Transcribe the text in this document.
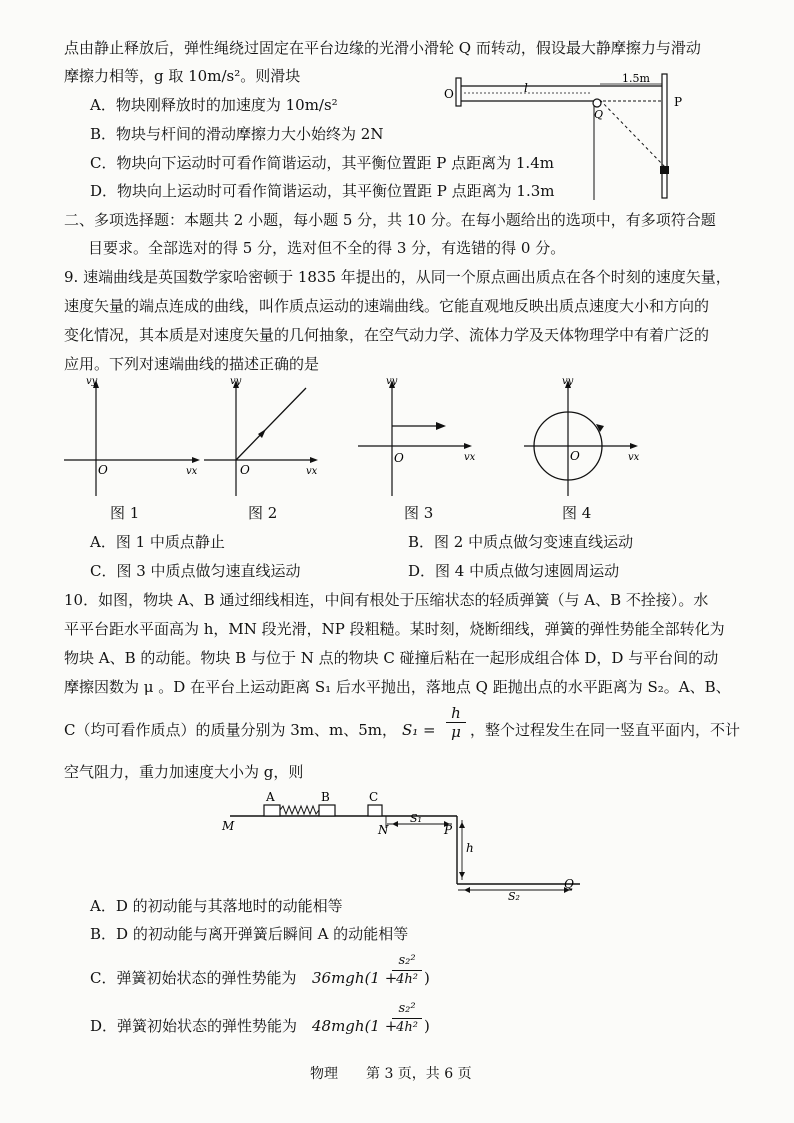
点由静止释放后，弹性绳绕过固定在平台边缘的光滑小滑轮 Q 而转动，假设最大静摩擦力与滑动
摩擦力相等，g 取 10m/s²。则滑块
A．物块刚释放时的加速度为 10m/s²
B．物块与杆间的滑动摩擦力大小始终为 2N
C．物块向下运动时可看作简谐运动，其平衡位置距 P 点距离为 1.4m
D．物块向上运动时可看作简谐运动，其平衡位置距 P 点距离为 1.3m
O	l
1.5m
P
Q
二、多项选择题：本题共 2 小题，每小题 5 分，共 10 分。在每小题给出的选项中，有多项符合题
目要求。全部选对的得 5 分，选对但不全的得 3 分，有选错的得 0 分。
9. 速端曲线是英国数学家哈密顿于 1835 年提出的，从同一个原点画出质点在各个时刻的速度矢量，
速度矢量的端点连成的曲线，叫作质点运动的速端曲线。它能直观地反映出质点速度大小和方向的
变化情况，其本质是对速度矢量的几何抽象，在空气动力学、流体力学及天体物理学中有着广泛的
应用。下列对速端曲线的描述正确的是
vy
vx
O
vy
vx
O
vy
vx
O
vy
vx
O
图 1	图 2	图 3	图 4
A．图 1 中质点静止	B．图 2 中质点做匀变速直线运动
C．图 3 中质点做匀速直线运动	D．图 4 中质点做匀速圆周运动
10．如图，物块 A、B 通过细线相连，中间有根处于压缩状态的轻质弹簧（与 A、B 不拴接）。水
平平台距水平面高为 h，MN 段光滑，NP 段粗糙。某时刻，烧断细线，弹簧的弹性势能全部转化为
物块 A、B 的动能。物块 B 与位于 N 点的物块 C 碰撞后粘在一起形成组合体 D，D 与平台间的动
摩擦因数为 μ 。D 在平台上运动距离 S₁ 后水平抛出，落地点 Q 距抛出点的水平距离为 S₂。A、B、
C（均可看作质点）的质量分别为 3m、m、5m， S₁ =
h
μ ，整个过程发生在同一竖直平面内，不计
空气阻力，重力加速度大小为 g，则
A	B	C
M	N
S₁
P
h
S₂
Q
A．D 的初动能与其落地时的动能相等
B．D 的初动能与离开弹簧后瞬间 A 的动能相等
C．弹簧初始状态的弹性势能为 36mgh(1 +
s₂²
4h² )
D．弹簧初始状态的弹性势能为 48mgh(1 +
s₂²
4h² )
物理　　第 3 页，共 6 页
